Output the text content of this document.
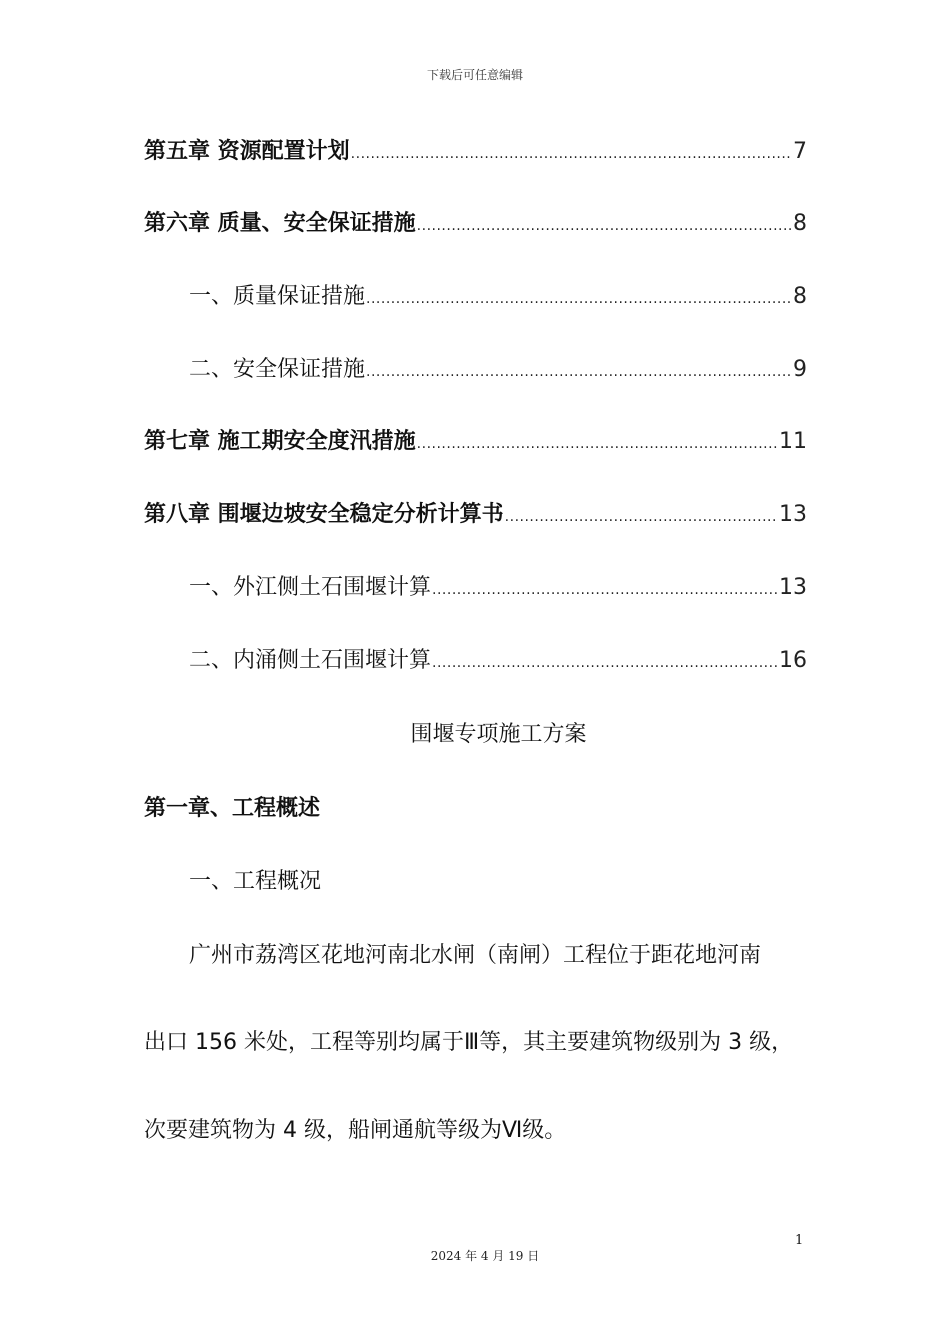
下载后可任意编辑
第五章 资源配置计划 .....	7
第六章 质量、安全保证措施 .....	8
一、质量保证措施 .....	8
二、安全保证措施 .....	9
第七章 施工期安全度汛措施 .....	11
第八章 围堰边坡安全稳定分析计算书 .....	13
一、外江侧土石围堰计算 .....	13
二、内涌侧土石围堰计算 .....	16
围堰专项施工方案
第一章、工程概述
一、工程概况
广州市荔湾区花地河南北水闸（南闸）工程位于距花地河南
出口 156 米处，工程等别均属于Ⅲ等，其主要建筑物级别为 3 级，
次要建筑物为 4 级，船闸通航等级为Ⅵ级。
1
2024 年 4 月 19 日
